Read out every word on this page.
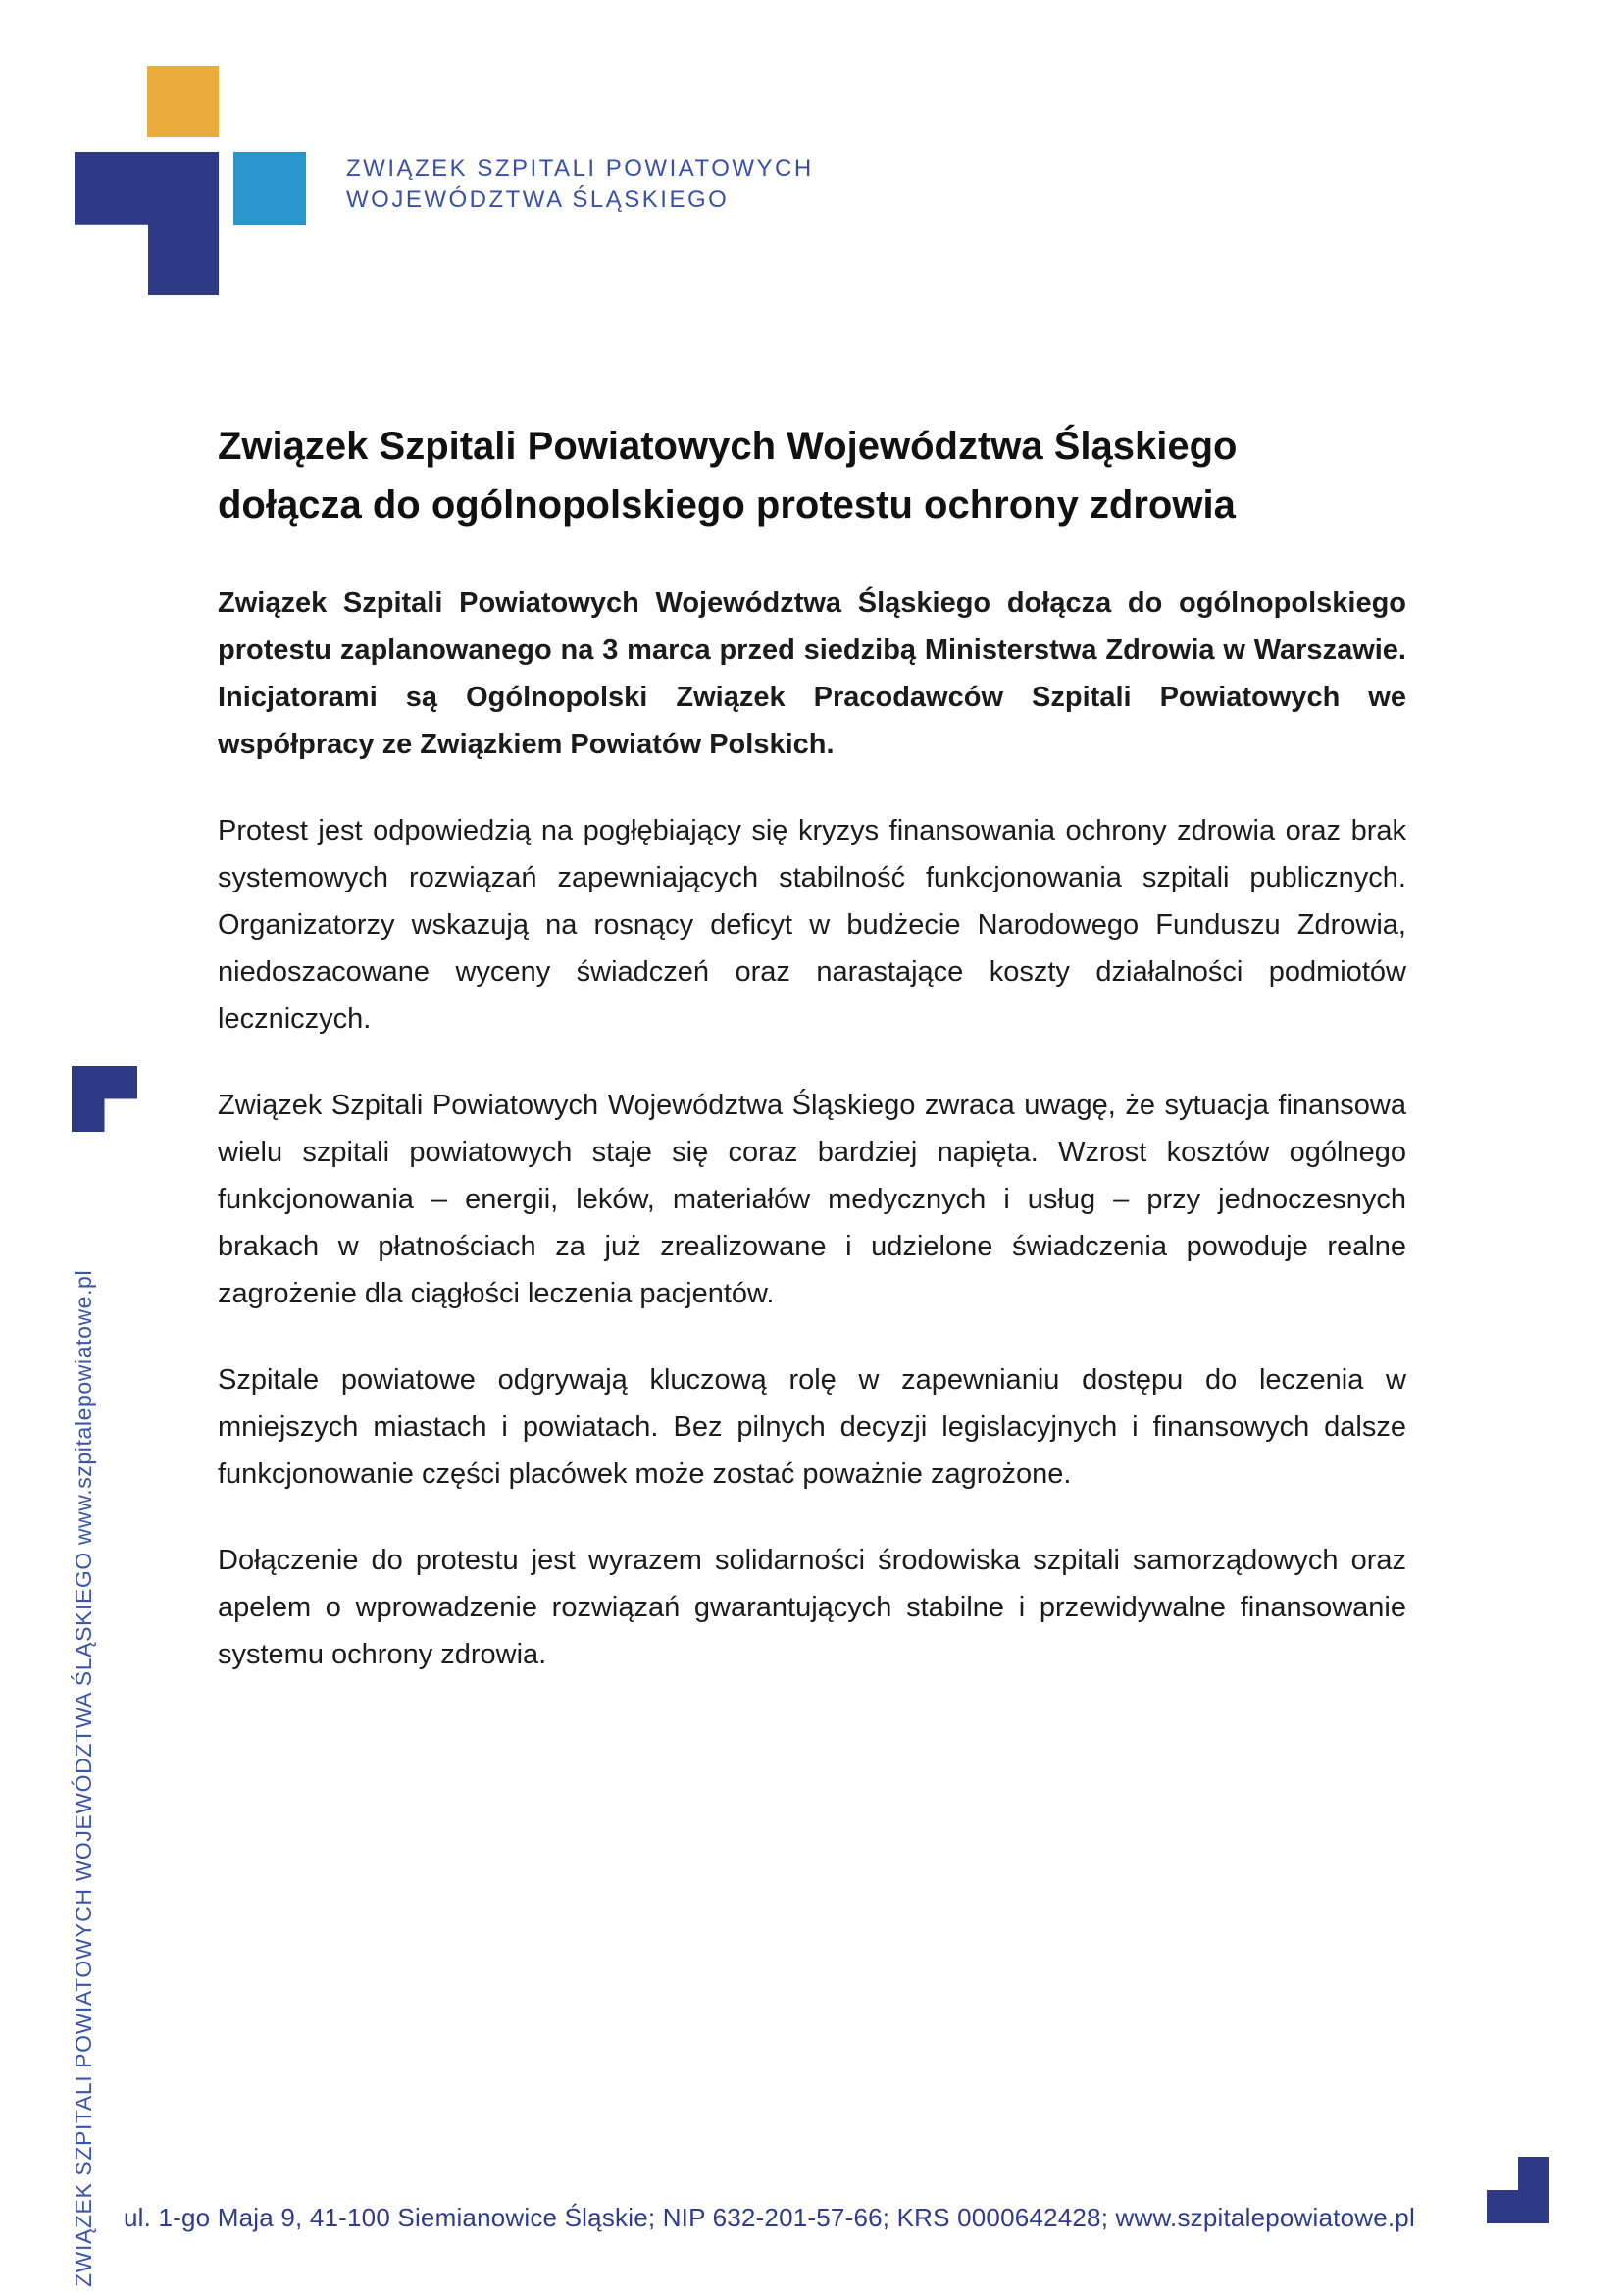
ZWIĄZEK SZPITALI POWIATOWYCH
WOJEWÓDZTWA ŚLĄSKIEGO
Związek Szpitali Powiatowych Województwa Śląskiego
dołącza do ogólnopolskiego protestu ochrony zdrowia

Związek Szpitali Powiatowych Województwa Śląskiego dołącza do ogólnopolskiego protestu zaplanowanego na 3 marca przed siedzibą Ministerstwa Zdrowia w Warszawie. Inicjatorami są Ogólnopolski Związek Pracodawców Szpitali Powiatowych we współpracy ze Związkiem Powiatów Polskich.

Protest jest odpowiedzią na pogłębiający się kryzys finansowania ochrony zdrowia oraz brak systemowych rozwiązań zapewniających stabilność funkcjonowania szpitali publicznych. Organizatorzy wskazują na rosnący deficyt w budżecie Narodowego Funduszu Zdrowia, niedoszacowane wyceny świadczeń oraz narastające koszty działalności podmiotów leczniczych.

Związek Szpitali Powiatowych Województwa Śląskiego zwraca uwagę, że sytuacja finansowa wielu szpitali powiatowych staje się coraz bardziej napięta. Wzrost kosztów ogólnego funkcjonowania – energii, leków, materiałów medycznych i usług – przy jednoczesnych brakach w płatnościach za już zrealizowane i udzielone świadczenia powoduje realne zagrożenie dla ciągłości leczenia pacjentów.

Szpitale powiatowe odgrywają kluczową rolę w zapewnianiu dostępu do leczenia w mniejszych miastach i powiatach. Bez pilnych decyzji legislacyjnych i finansowych dalsze funkcjonowanie części placówek może zostać poważnie zagrożone.

Dołączenie do protestu jest wyrazem solidarności środowiska szpitali samorządowych oraz apelem o wprowadzenie rozwiązań gwarantujących stabilne i przewidywalne finansowanie systemu ochrony zdrowia.

ZWIĄZEK SZPITALI POWIATOWYCH WOJEWÓDZTWA ŚLĄSKIEGO www.szpitalepowiatowe.pl ul. 1-go Maja 9, 41-100 Siemianowice Śląskie; NIP 632-201-57-66; KRS 0000642428; www.szpitalepowiatowe.pl
